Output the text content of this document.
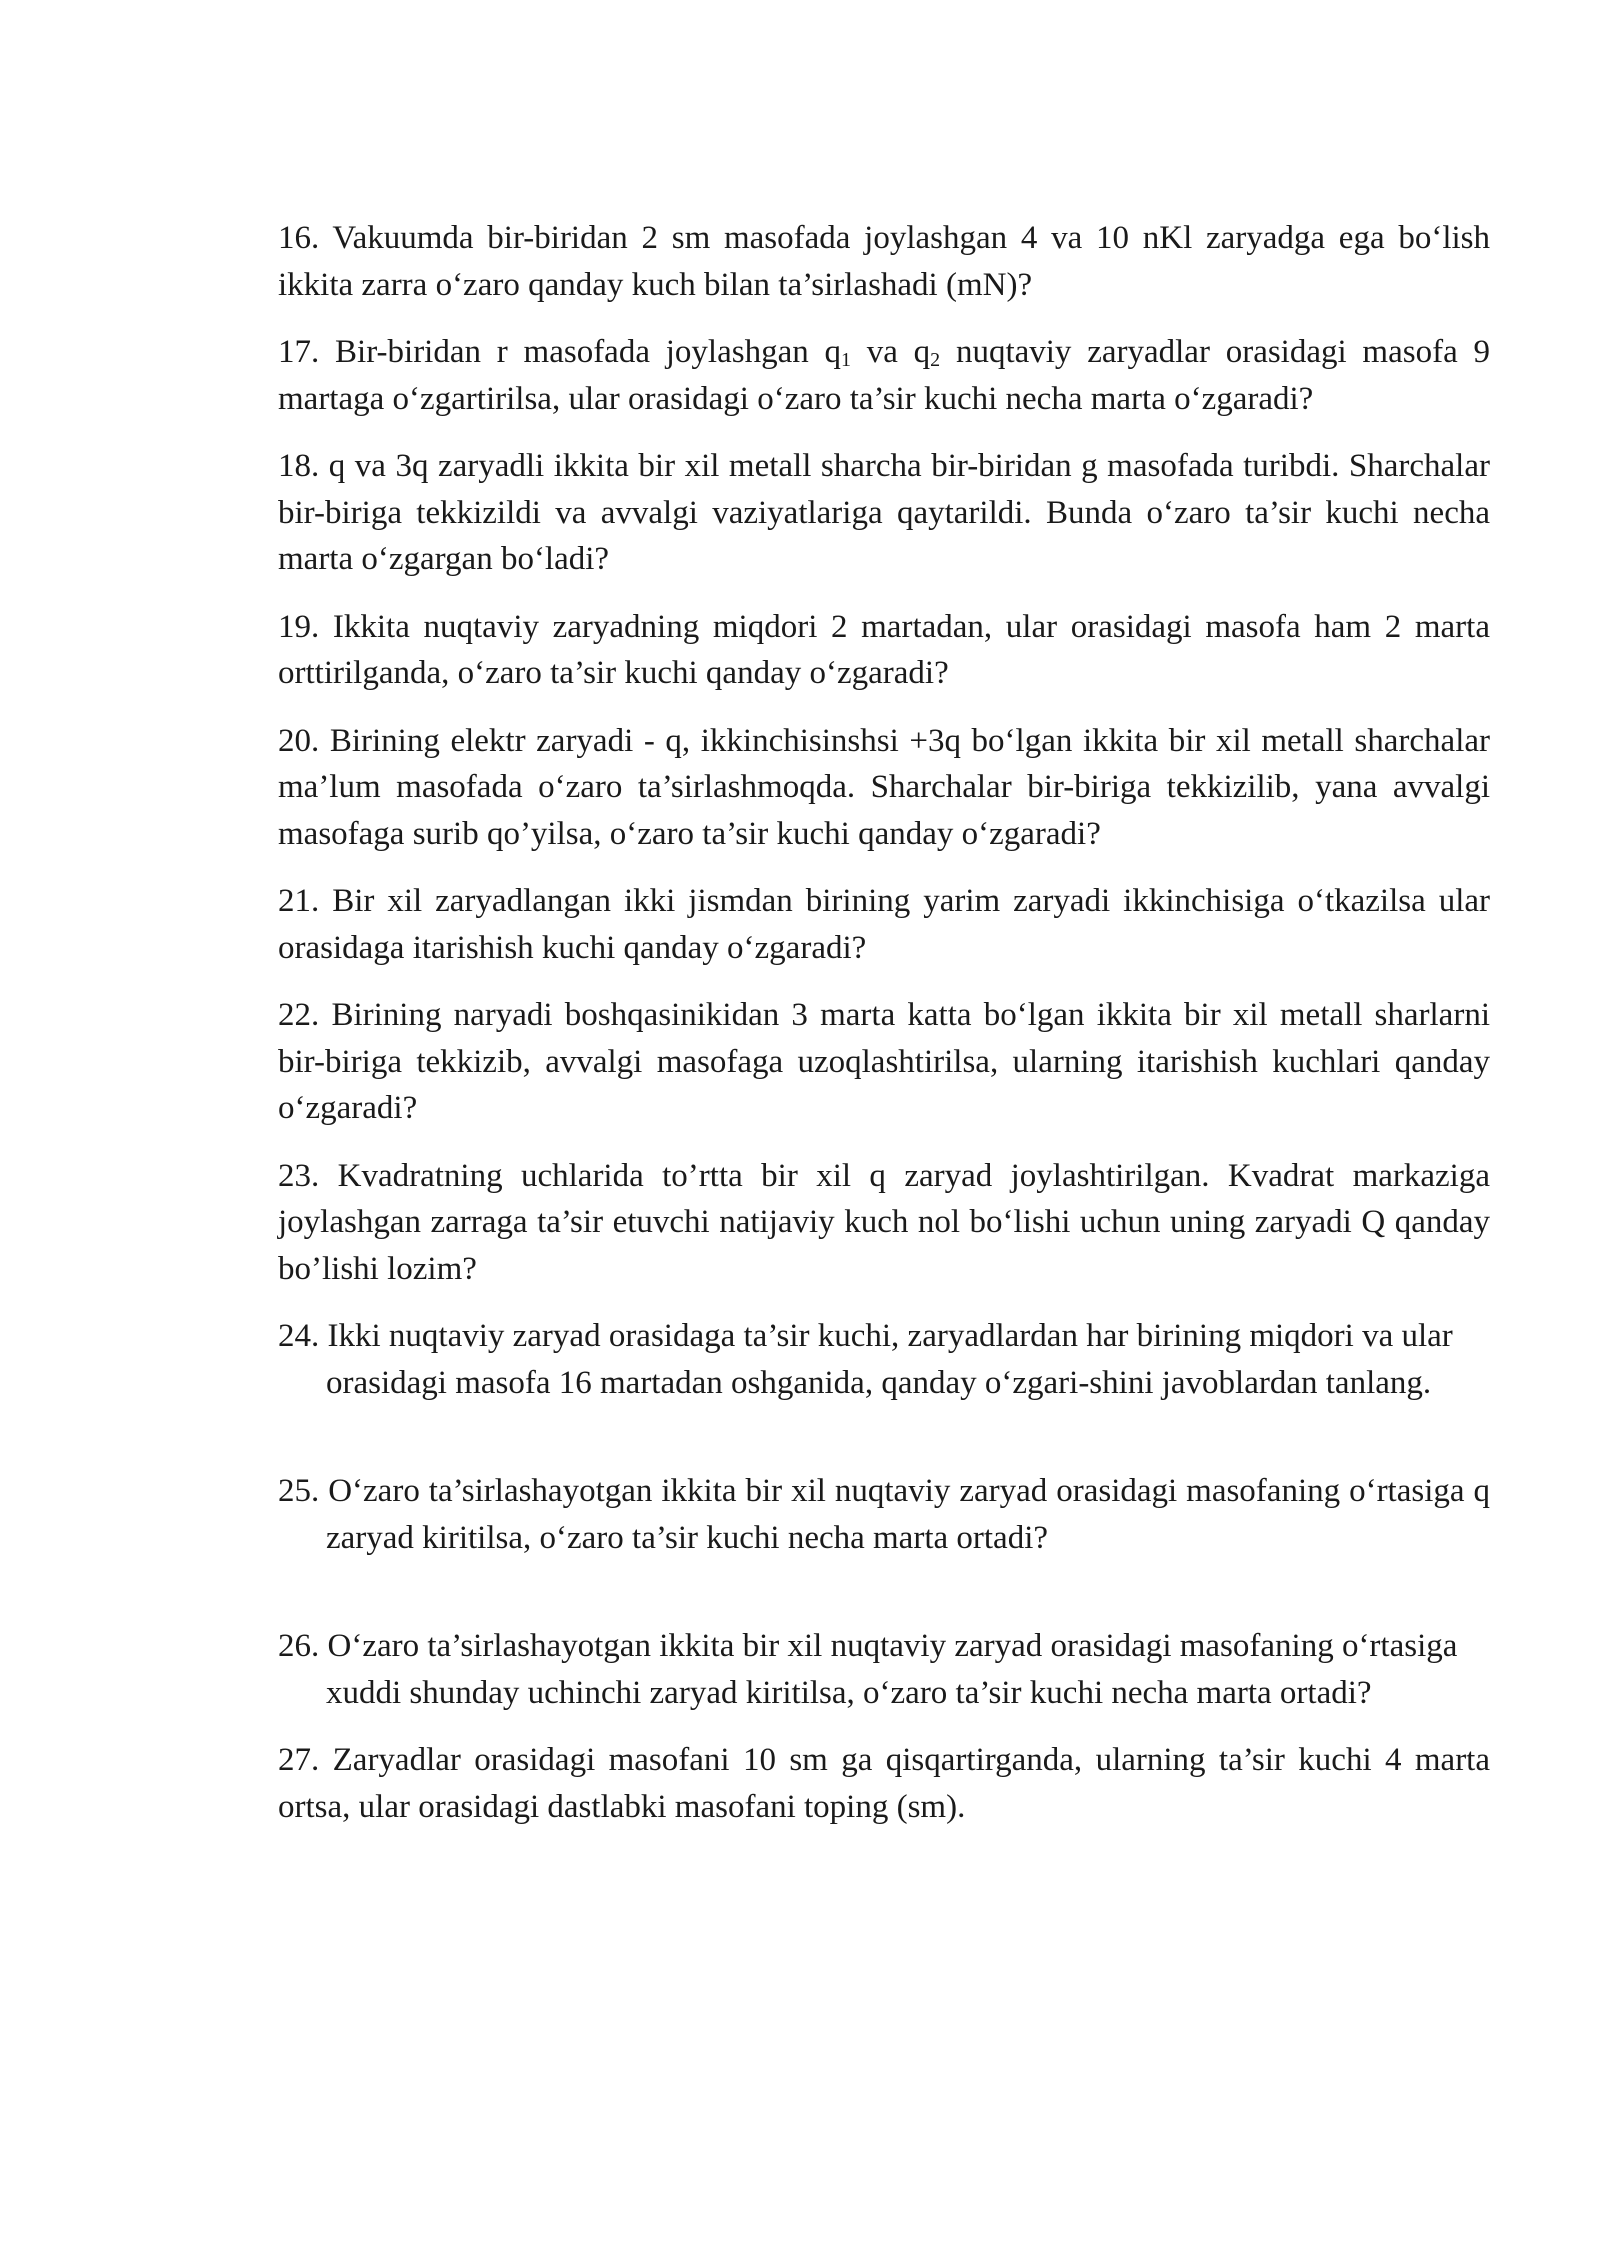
16. Vakuumda bir-biridan 2 sm masofada joylashgan 4 va 10 nKl zaryadga ega bo‘lish ikkita zarra o‘zaro qanday kuch bilan ta’sirlashadi (mN)?

17. Bir-biridan r masofada joylashgan $q_1$ va $q_2$ nuqtaviy zaryadlar orasidagi masofa 9 martaga o‘zgartirilsa, ular orasidagi o‘zaro ta’sir kuchi necha marta o‘zgaradi?

18. q va 3q zaryadli ikkita bir xil metall sharcha bir-biridan g masofada turibdi. Sharchalar bir-biriga tekkizildi va avvalgi vaziyatlariga qaytarildi. Bunda o‘zaro ta’sir kuchi necha marta o‘zgargan bo‘ladi?

19. Ikkita nuqtaviy zaryadning miqdori 2 martadan, ular orasidagi masofa ham 2 marta orttirilganda, o‘zaro ta’sir kuchi qanday o‘zgaradi?

20. Birining elektr zaryadi - q, ikkinchisinshsi +3q bo‘lgan ikkita bir xil metall sharchalar ma’lum masofada o‘zaro ta’sirlashmoqda. Sharchalar bir-biriga tekkizilib, yana avvalgi masofaga surib qo’yilsa, o‘zaro ta’sir kuchi qanday o‘zgaradi?

21. Bir xil zaryadlangan ikki jismdan birining yarim zaryadi ikkinchisiga o‘tkazilsa ular orasidaga itarishish kuchi qanday o‘zgaradi?

22. Birining naryadi boshqasinikidan 3 marta katta bo‘lgan ikkita bir xil metall sharlarni bir-biriga tekkizib, avvalgi masofaga uzoqlashtirilsa, ularning itarishish kuchlari qanday o‘zgaradi?

23. Kvadratning uchlarida to’rtta bir xil q zaryad joylashtirilgan. Kvadrat markaziga joylashgan zarraga ta’sir etuvchi natijaviy kuch nol bo‘lishi uchun uning zaryadi Q qanday bo’lishi lozim?

24. Ikki nuqtaviy zaryad orasidaga ta’sir kuchi, zaryadlardan har birining miqdori va ular orasidagi masofa 16 martadan oshganida, qanday o‘zgari-shini javoblardan tanlang.

25. O‘zaro ta’sirlashayotgan ikkita bir xil nuqtaviy zaryad orasidagi masofaning o‘rtasiga q zaryad kiritilsa, o‘zaro ta’sir kuchi necha marta ortadi?

26. O‘zaro ta’sirlashayotgan ikkita bir xil nuqtaviy zaryad orasidagi masofaning o‘rtasiga xuddi shunday uchinchi zaryad kiritilsa, o‘zaro ta’sir kuchi necha marta ortadi?

27. Zaryadlar orasidagi masofani 10 sm ga qisqartirganda, ularning ta’sir kuchi 4 marta ortsa, ular orasidagi dastlabki masofani toping (sm).
